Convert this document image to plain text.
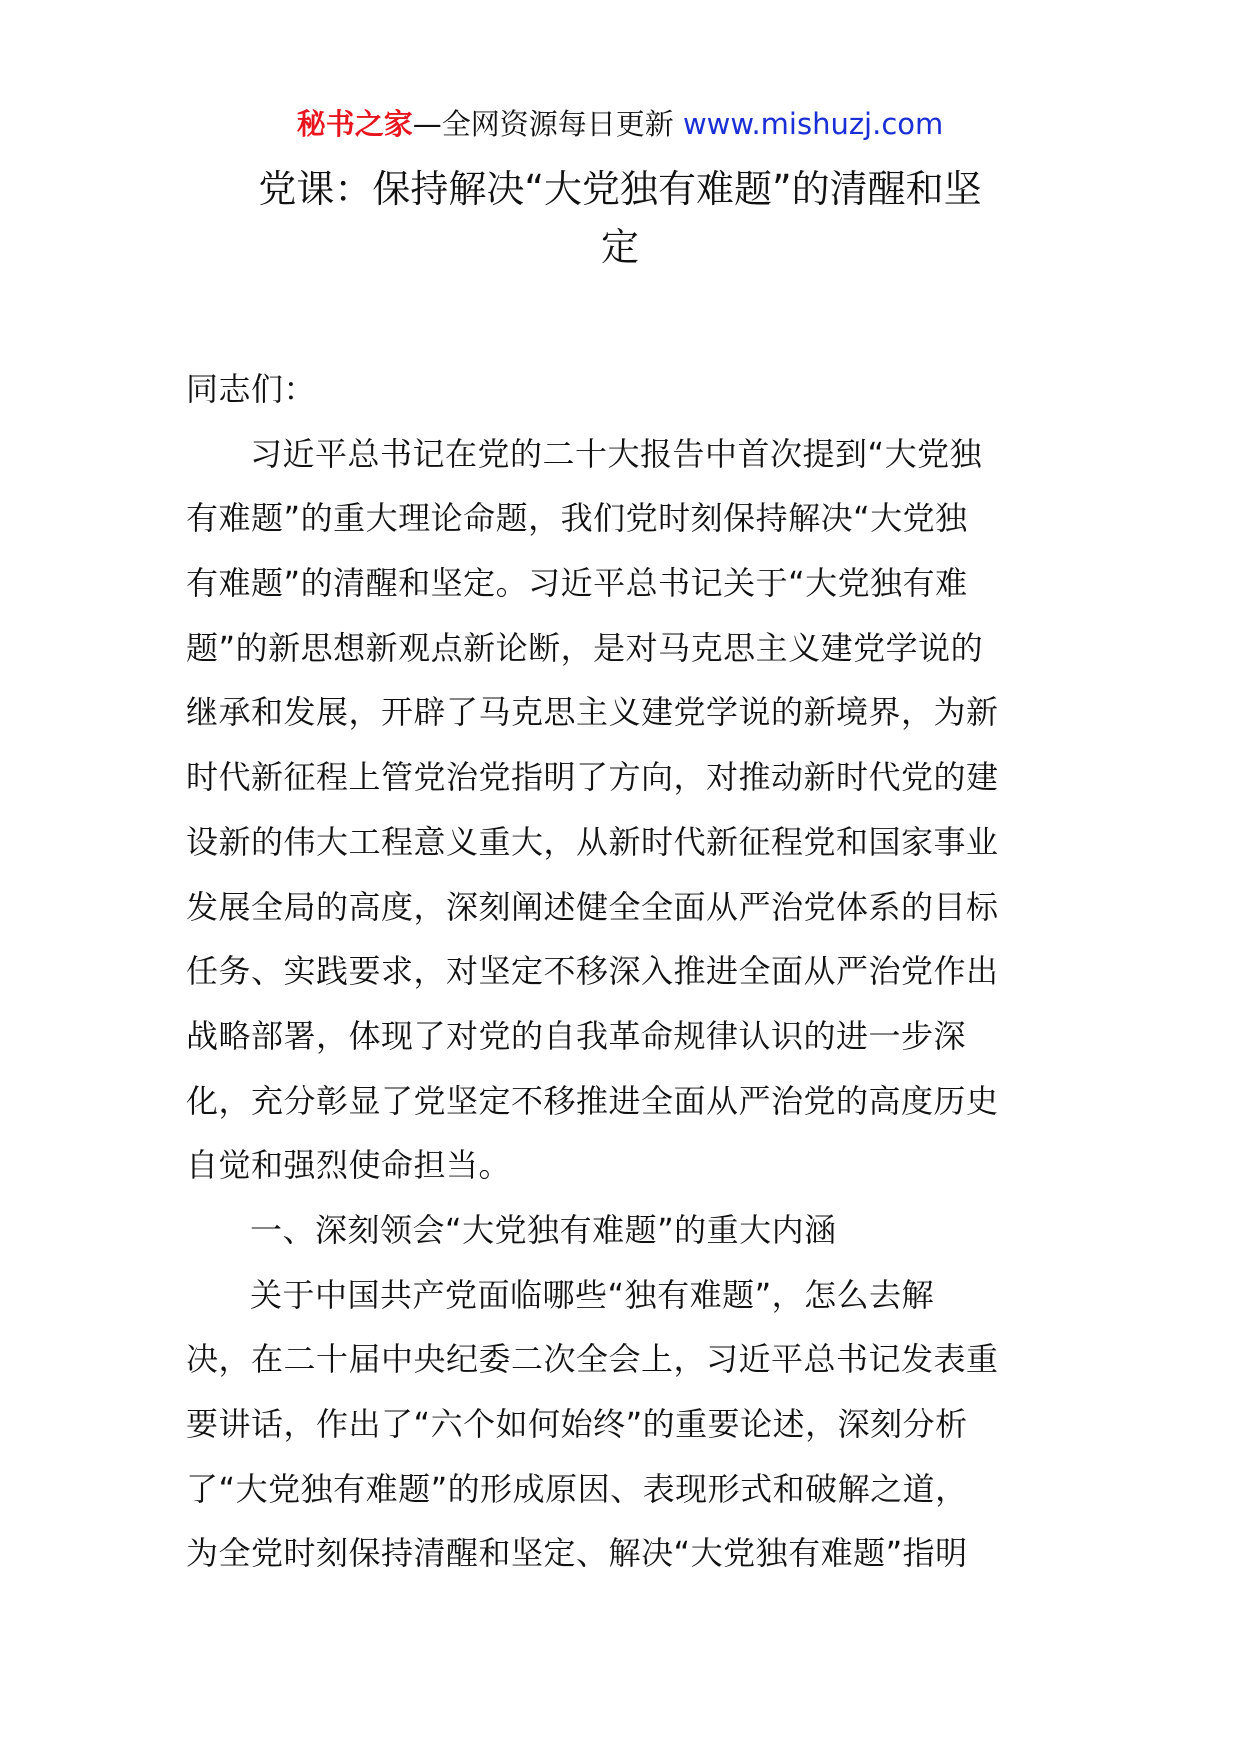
秘书之家—全网资源每日更新 www.mishuzj.com
党课：保持解决“大党独有难题”的清醒和坚
定
同志们：
习近平总书记在党的二十大报告中首次提到“大党独
有难题”的重大理论命题，我们党时刻保持解决“大党独
有难题”的清醒和坚定。习近平总书记关于“大党独有难
题”的新思想新观点新论断，是对马克思主义建党学说的
继承和发展，开辟了马克思主义建党学说的新境界，为新
时代新征程上管党治党指明了方向，对推动新时代党的建
设新的伟大工程意义重大，从新时代新征程党和国家事业
发展全局的高度，深刻阐述健全全面从严治党体系的目标
任务、实践要求，对坚定不移深入推进全面从严治党作出
战略部署，体现了对党的自我革命规律认识的进一步深
化，充分彰显了党坚定不移推进全面从严治党的高度历史
自觉和强烈使命担当。
一、深刻领会“大党独有难题”的重大内涵
关于中国共产党面临哪些“独有难题”，怎么去解
决，在二十届中央纪委二次全会上，习近平总书记发表重
要讲话，作出了“六个如何始终”的重要论述，深刻分析
了“大党独有难题”的形成原因、表现形式和破解之道，
为全党时刻保持清醒和坚定、解决“大党独有难题”指明
